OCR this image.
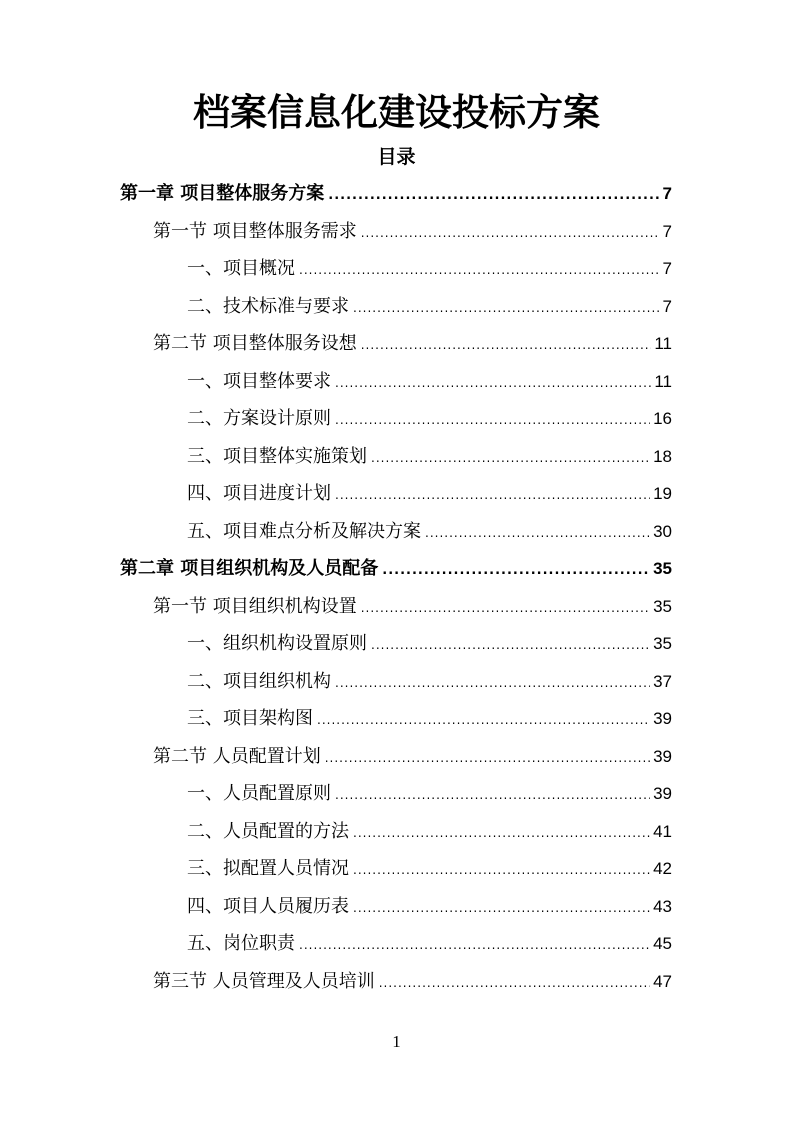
档案信息化建设投标方案
目录
第一章 项目整体服务方案 .....	7
第一节 项目整体服务需求 .....	7
一、项目概况 .....	7
二、技术标准与要求 .....	7
第二节 项目整体服务设想 .....	11
一、项目整体要求 .....	11
二、方案设计原则 .....	16
三、项目整体实施策划 .....	18
四、项目进度计划 .....	19
五、项目难点分析及解决方案 .....	30
第二章 项目组织机构及人员配备 .....	35
第一节 项目组织机构设置 .....	35
一、组织机构设置原则 .....	35
二、项目组织机构 .....	37
三、项目架构图 .....	39
第二节 人员配置计划 .....	39
一、人员配置原则 .....	39
二、人员配置的方法 .....	41
三、拟配置人员情况 .....	42
四、项目人员履历表 .....	43
五、岗位职责 .....	45
第三节 人员管理及人员培训 .....	47
1
